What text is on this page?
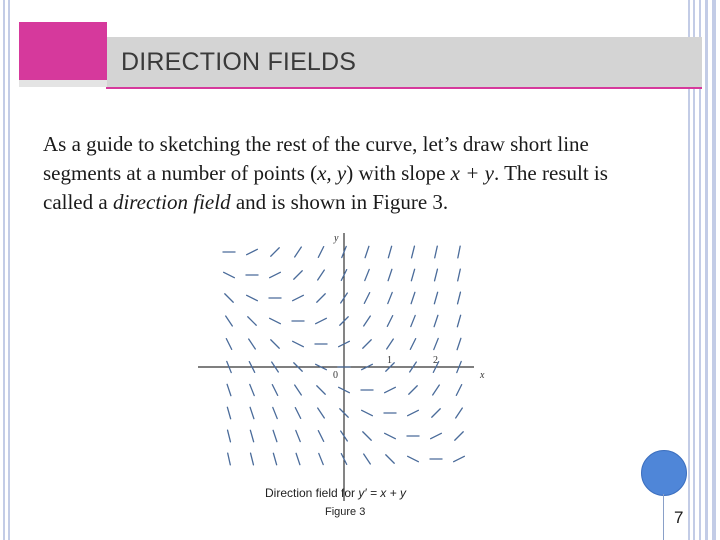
DIRECTION FIELDS
As a guide to sketching the rest of the curve, let’s draw short line segments at a number of points (x, y) with slope x + y. The result is called a direction field and is shown in Figure 3.
y
x
0
1	2
Direction field for y′ = x + y
Figure 3	7
